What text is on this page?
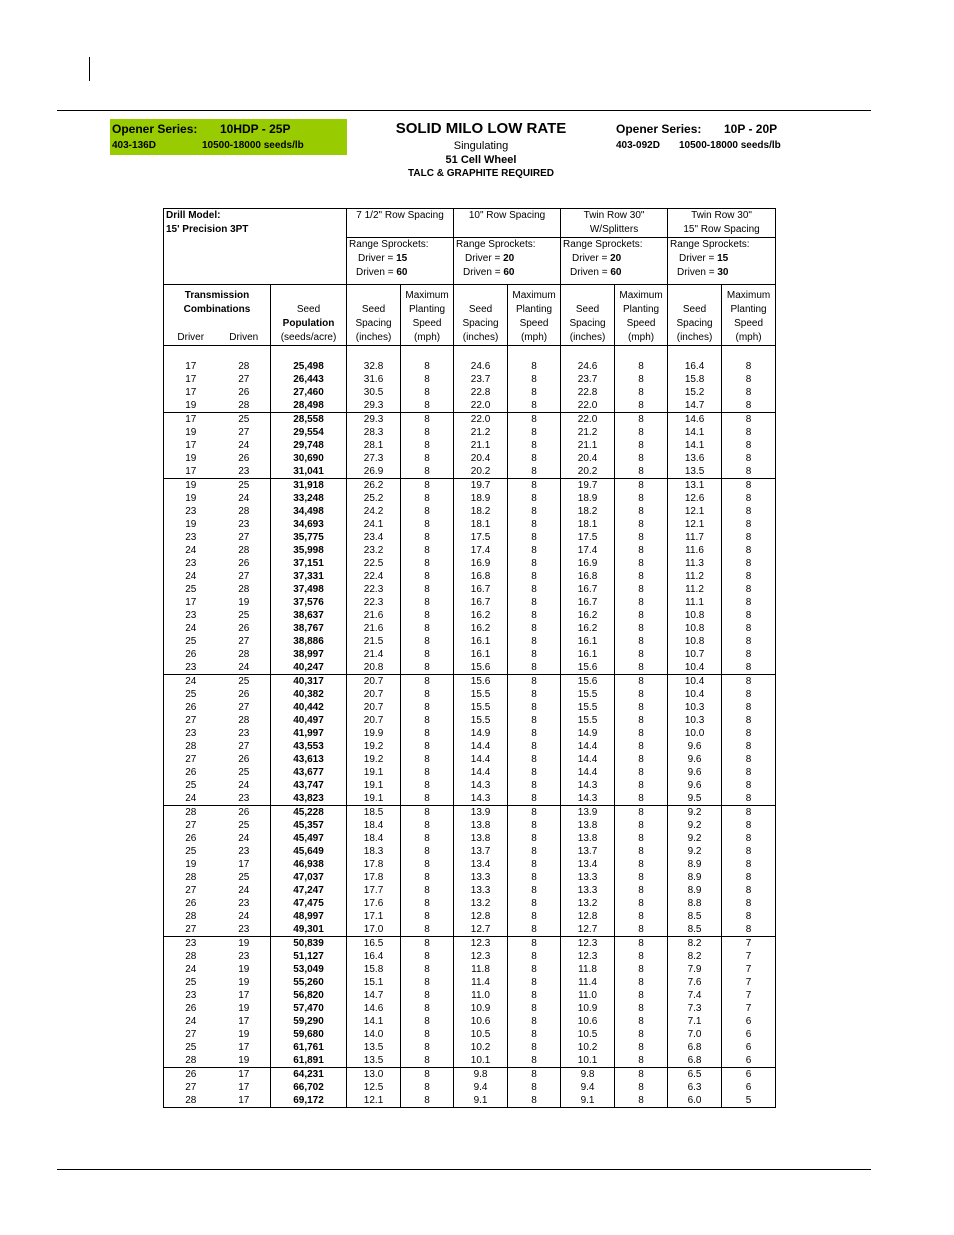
Opener Series: 10HDP - 25P
403-136D	10500-18000 seeds/lb
SOLID MILO LOW RATE
Singulating
51 Cell Wheel
TALC & GRAPHITE REQUIRED
Opener Series: 10P - 20P
403-092D 10500-18000 seeds/lb
Drill Model:			7 1/2" Row Spacing		10" Row Spacing		Twin Row 30"		Twin Row 30"	
15' Precision 3PT							W/Splitters		15" Row Spacing	
			Range Sprockets:		Range Sprockets:		Range Sprockets:		Range Sprockets:	
			Driver = 15		Driver = 20		Driver = 20		Driver = 15	
			Driven = 60		Driven = 60		Driven = 60		Driven = 30	

Transmission				Maximum		Maximum		Maximum		Maximum
Combinations		Seed	Seed	Planting	Seed	Planting	Seed	Planting	Seed	Planting
		Population	Spacing	Speed	Spacing	Speed	Spacing	Speed	Spacing	Speed
Driver	Driven	(seeds/acre)	(inches)	(mph)	(inches)	(mph)	(inches)	(mph)	(inches)	(mph)

17	28	25,498	32.8	8	24.6	8	24.6	8	16.4	8
17	27	26,443	31.6	8	23.7	8	23.7	8	15.8	8
17	26	27,460	30.5	8	22.8	8	22.8	8	15.2	8
19	28	28,498	29.3	8	22.0	8	22.0	8	14.7	8
17	25	28,558	29.3	8	22.0	8	22.0	8	14.6	8
19	27	29,554	28.3	8	21.2	8	21.2	8	14.1	8
17	24	29,748	28.1	8	21.1	8	21.1	8	14.1	8
19	26	30,690	27.3	8	20.4	8	20.4	8	13.6	8
17	23	31,041	26.9	8	20.2	8	20.2	8	13.5	8
19	25	31,918	26.2	8	19.7	8	19.7	8	13.1	8
19	24	33,248	25.2	8	18.9	8	18.9	8	12.6	8
23	28	34,498	24.2	8	18.2	8	18.2	8	12.1	8
19	23	34,693	24.1	8	18.1	8	18.1	8	12.1	8
23	27	35,775	23.4	8	17.5	8	17.5	8	11.7	8
24	28	35,998	23.2	8	17.4	8	17.4	8	11.6	8
23	26	37,151	22.5	8	16.9	8	16.9	8	11.3	8
24	27	37,331	22.4	8	16.8	8	16.8	8	11.2	8
25	28	37,498	22.3	8	16.7	8	16.7	8	11.2	8
17	19	37,576	22.3	8	16.7	8	16.7	8	11.1	8
23	25	38,637	21.6	8	16.2	8	16.2	8	10.8	8
24	26	38,767	21.6	8	16.2	8	16.2	8	10.8	8
25	27	38,886	21.5	8	16.1	8	16.1	8	10.8	8
26	28	38,997	21.4	8	16.1	8	16.1	8	10.7	8
23	24	40,247	20.8	8	15.6	8	15.6	8	10.4	8
24	25	40,317	20.7	8	15.6	8	15.6	8	10.4	8
25	26	40,382	20.7	8	15.5	8	15.5	8	10.4	8
26	27	40,442	20.7	8	15.5	8	15.5	8	10.3	8
27	28	40,497	20.7	8	15.5	8	15.5	8	10.3	8
23	23	41,997	19.9	8	14.9	8	14.9	8	10.0	8
28	27	43,553	19.2	8	14.4	8	14.4	8	9.6	8
27	26	43,613	19.2	8	14.4	8	14.4	8	9.6	8
26	25	43,677	19.1	8	14.4	8	14.4	8	9.6	8
25	24	43,747	19.1	8	14.3	8	14.3	8	9.6	8
24	23	43,823	19.1	8	14.3	8	14.3	8	9.5	8
28	26	45,228	18.5	8	13.9	8	13.9	8	9.2	8
27	25	45,357	18.4	8	13.8	8	13.8	8	9.2	8
26	24	45,497	18.4	8	13.8	8	13.8	8	9.2	8
25	23	45,649	18.3	8	13.7	8	13.7	8	9.2	8
19	17	46,938	17.8	8	13.4	8	13.4	8	8.9	8
28	25	47,037	17.8	8	13.3	8	13.3	8	8.9	8
27	24	47,247	17.7	8	13.3	8	13.3	8	8.9	8
26	23	47,475	17.6	8	13.2	8	13.2	8	8.8	8
28	24	48,997	17.1	8	12.8	8	12.8	8	8.5	8
27	23	49,301	17.0	8	12.7	8	12.7	8	8.5	8
23	19	50,839	16.5	8	12.3	8	12.3	8	8.2	7
28	23	51,127	16.4	8	12.3	8	12.3	8	8.2	7
24	19	53,049	15.8	8	11.8	8	11.8	8	7.9	7
25	19	55,260	15.1	8	11.4	8	11.4	8	7.6	7
23	17	56,820	14.7	8	11.0	8	11.0	8	7.4	7
26	19	57,470	14.6	8	10.9	8	10.9	8	7.3	7
24	17	59,290	14.1	8	10.6	8	10.6	8	7.1	6
27	19	59,680	14.0	8	10.5	8	10.5	8	7.0	6
25	17	61,761	13.5	8	10.2	8	10.2	8	6.8	6
28	19	61,891	13.5	8	10.1	8	10.1	8	6.8	6
26	17	64,231	13.0	8	9.8	8	9.8	8	6.5	6
27	17	66,702	12.5	8	9.4	8	9.4	8	6.3	6
28	17	69,172	12.1	8	9.1	8	9.1	8	6.0	5
